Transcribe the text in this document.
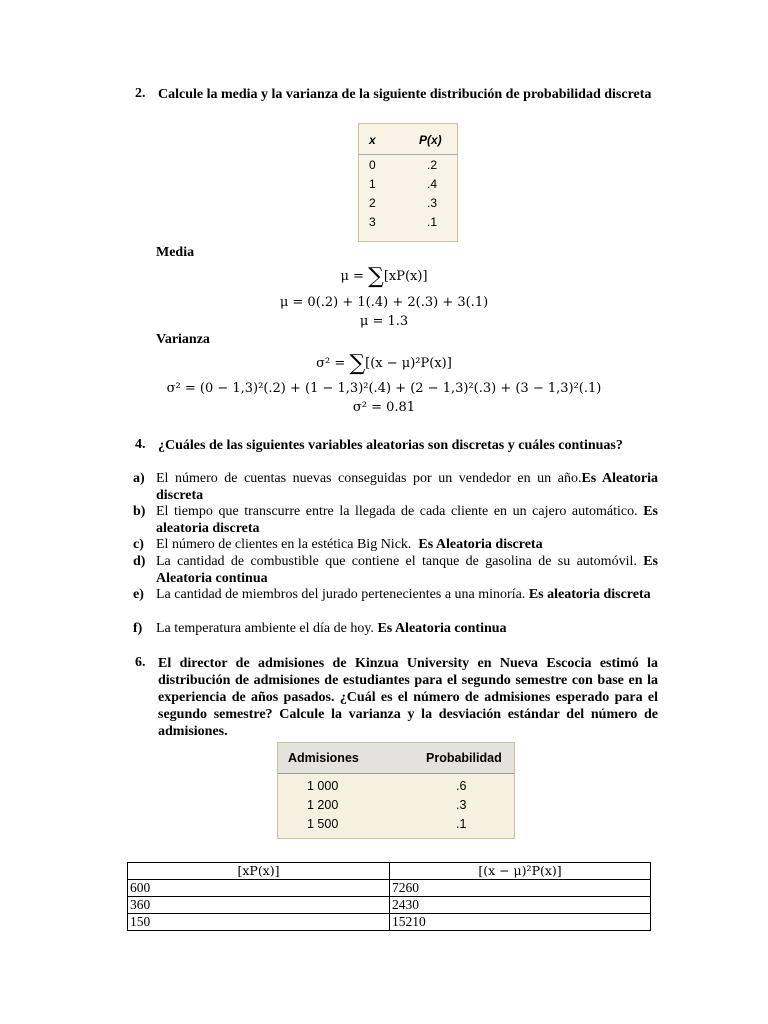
2. Calcule la media y la varianza de la siguiente distribución de probabilidad discreta
x	P(x)
0	.2
1	.4
2	.3
3	.1
Media
μ = ∑[xP(x)]
μ = 0(.2) + 1(.4) + 2(.3) + 3(.1)
μ = 1.3
Varianza
σ² = ∑[(x − μ)²P(x)]
σ² = (0 − 1,3)²(.2) + (1 − 1,3)²(.4) + (2 − 1,3)²(.3) + (3 − 1,3)²(.1)
σ² = 0.81
4. ¿Cuáles de las siguientes variables aleatorias son discretas y cuáles continuas?
a) El número de cuentas nuevas conseguidas por un vendedor en un año.Es Aleatoria discreta
b) El tiempo que transcurre entre la llegada de cada cliente en un cajero automático. Es aleatoria discreta
c) El número de clientes en la estética Big Nick. Es Aleatoria discreta
d) La cantidad de combustible que contiene el tanque de gasolina de su automóvil. Es Aleatoria continua
e) La cantidad de miembros del jurado pertenecientes a una minoría. Es aleatoria discreta
f) La temperatura ambiente el día de hoy. Es Aleatoria continua
6. El director de admisiones de Kinzua University en Nueva Escocia estimó la distribución de admisiones de estudiantes para el segundo semestre con base en la experiencia de años pasados. ¿Cuál es el número de admisiones esperado para el segundo semestre? Calcule la varianza y la desviación estándar del número de admisiones.
Admisiones	Probabilidad
1 000	.6
1 200	.3
1 500	.1
[xP(x)]	[(x − μ)²P(x)]
600	7260
360	2430
150	15210
